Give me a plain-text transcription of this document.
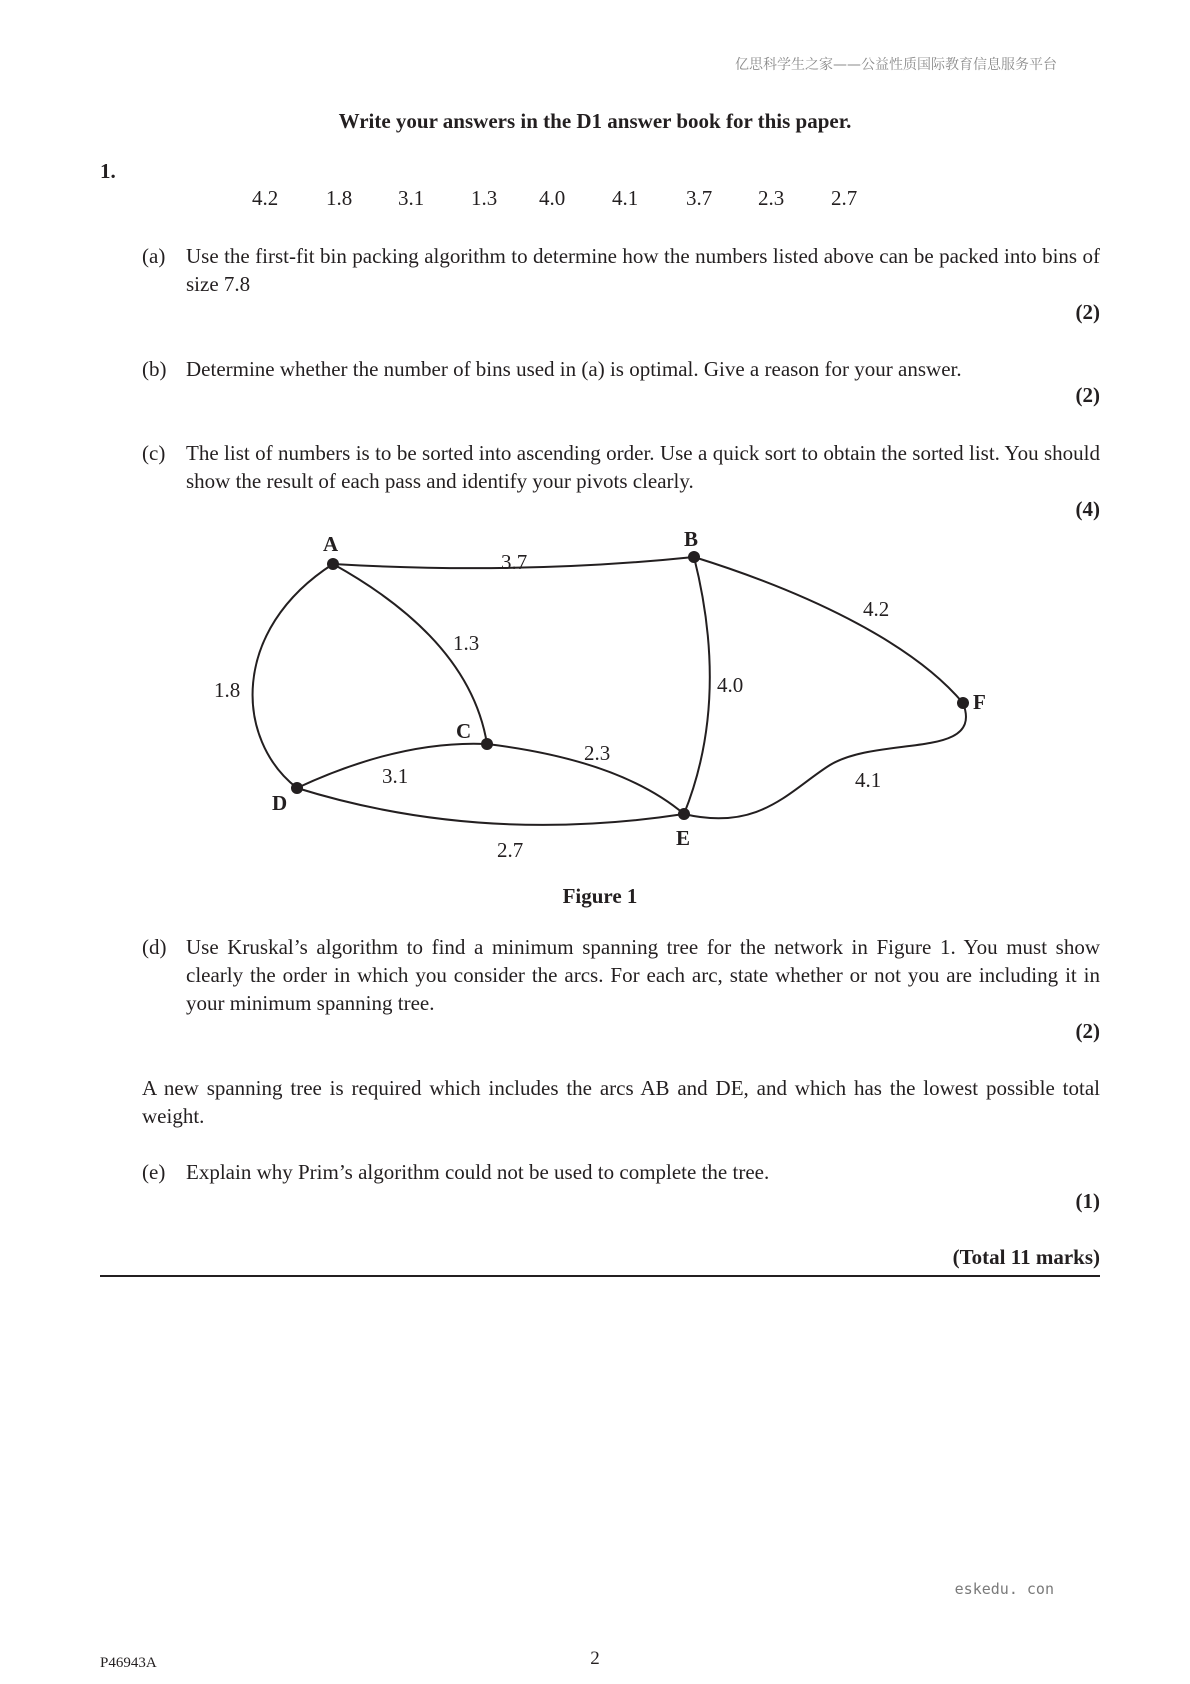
亿思科学生之家——公益性质国际教育信息服务平台
Write your answers in the D1 answer book for this paper.
1.
4.2 1.8 3.1 1.3 4.0 4.1 3.7 2.3 2.7
(a) Use the first-fit bin packing algorithm to determine how the numbers listed above can be packed into bins of size 7.8
(2)
(b) Determine whether the number of bins used in (a) is optimal. Give a reason for your answer.
(2)
(c) The list of numbers is to be sorted into ascending order. Use a quick sort to obtain the sorted list. You should show the result of each pass and identify your pivots clearly.
(4)
A	B
C
D
E
F
3.7
1.3
1.8	4.0
4.2
3.1
2.3
2.7
4.1
Figure 1
(d) Use Kruskal’s algorithm to find a minimum spanning tree for the network in Figure 1. You must show clearly the order in which you consider the arcs. For each arc, state whether or not you are including it in your minimum spanning tree.
(2)
A new spanning tree is required which includes the arcs AB and DE, and which has the lowest possible total weight.
(e) Explain why Prim’s algorithm could not be used to complete the tree.
(1)
(Total 11 marks)
eskedu. con
P46943A	2
